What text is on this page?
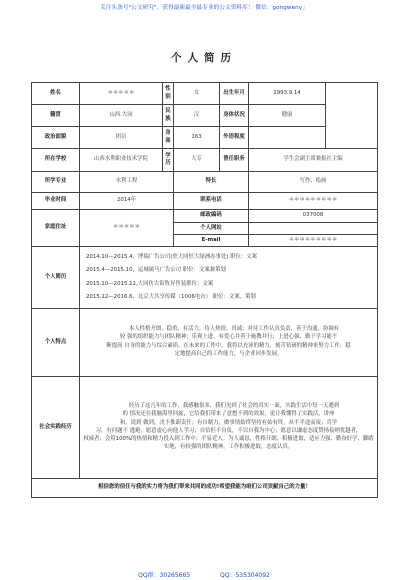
关注头条号"公文研究"，获得最新最全最专业的公文资料库！ 微信：gongweny」
个人简历
姓名	＊＊＊＊＊	性别	女	出生年月	1993.9.14	
籍贯	山西.大同	民族	汉	身体状况	健康	
政治面貌	团员	身高	163	外语程度		
所在学校	山西水利职业技术学院	学历	大专	曾任职务	学生会副主席兼报社主编	
所学专业	水利工程		特长		写作、绘画	
毕业时间	2014年		联系电话		＊＊＊＊＊＊＊＊＊	
家庭住址	＊＊＊＊＊		邮政编码		037008	
			个人网站			
			E-mail		＊＊＊＊＊＊＊＊＊	
个人简历	2014.10—2015.4，博瑞广告公司(驻大同恒大绿洲办事处) 职位：文案
2015.4—2015.10，运城属马广告公司 职位：文案兼策划
2015.10—2015.12,大同仿古街牧昇售装职位：文案
2015.12—2016.6，北京大共享传媒（1006电台） 职位：文案、策划					

个人特点	本人性格开朗、稳重、有活力，待人热情、真诚；对待工作认真负责，善于沟通、协调有

较 强的组织能力与团队精神；乐观上进、有爱心并善于施教并行；上进心强、勤于学习能不

断提高 自身的能力与综合素质。在未来的工作中，我将以充沛的精力，刻苦钻研的精神来努力工作，稳

定地提高自己的工作能力，与企业同步发展。					

社会实践经历	经历了这几年的工作，我感触很多，我们见到了社会的真实一面，实践生活中每一天遇到

的 情况还在我脑海里回旋，它给我们带来了意想不到的效果，更让我懂得了实践活，讲座

和，说到 做到，决不推卸责任；有自制力，做事情始终坚持有始有终，从不半途而废；肯学

习，有问题不 逃避，愿意虚心向他人学习；自信但不自负，不以自我为中心；愿意以谦虚态度赞扬接纳优越者，

权威者；会用100%的热情和精力投入到工作中；平易近人。为人诚恳，性格开朗，积极进取，适应力强、勤奋好学、脚踏实地，有较强的团队精神，工作积极进取，态度认真。					

相信您的信任与我的实力将为我们带来共同的成功!希望我能为咱们公司贡献自己的力量！						
QQ群：30265665	QQ：535304092
